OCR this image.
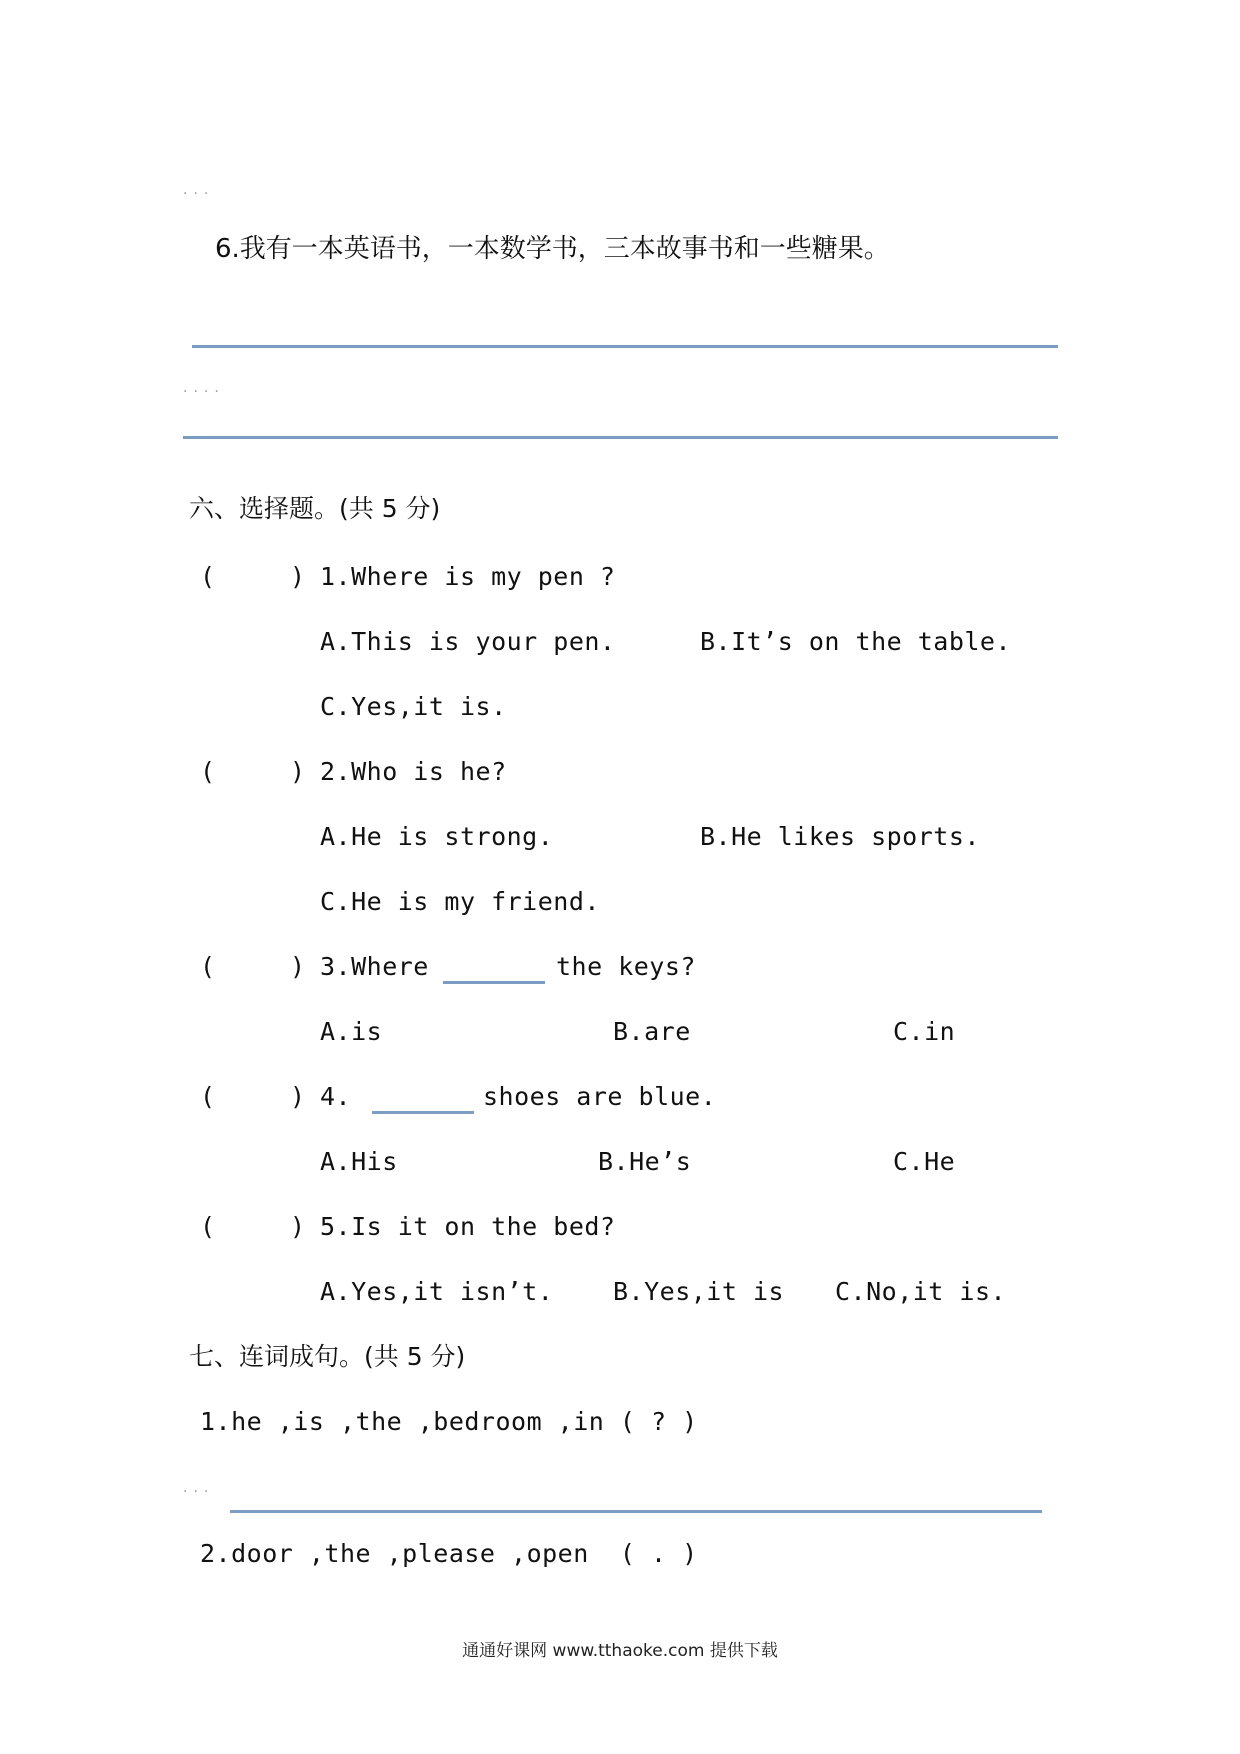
...
6.我有一本英语书，一本数学书，三本故事书和一些糖果。
....
六、选择题。(共 5 分)
(	) 1.Where is my pen ?
A.This is your pen.	B.It’s on the table.
C.Yes,it is.
(	) 2.Who is he?
A.He is strong.	B.He likes sports.
C.He is my friend.
(	) 3.Where	the keys?
A.is	B.are	C.in
(	) 4.	shoes are blue.
A.His	B.He’s	C.He
(	) 5.Is it on the bed?
A.Yes,it isn’t. B.Yes,it is C.No,it is.
七、连词成句。(共 5 分)
1.he ,is ,the ,bedroom ,in ( ? )
...
2.door ,the ,please ,open  ( . )
通通好课网 www.tthaoke.com 提供下载
